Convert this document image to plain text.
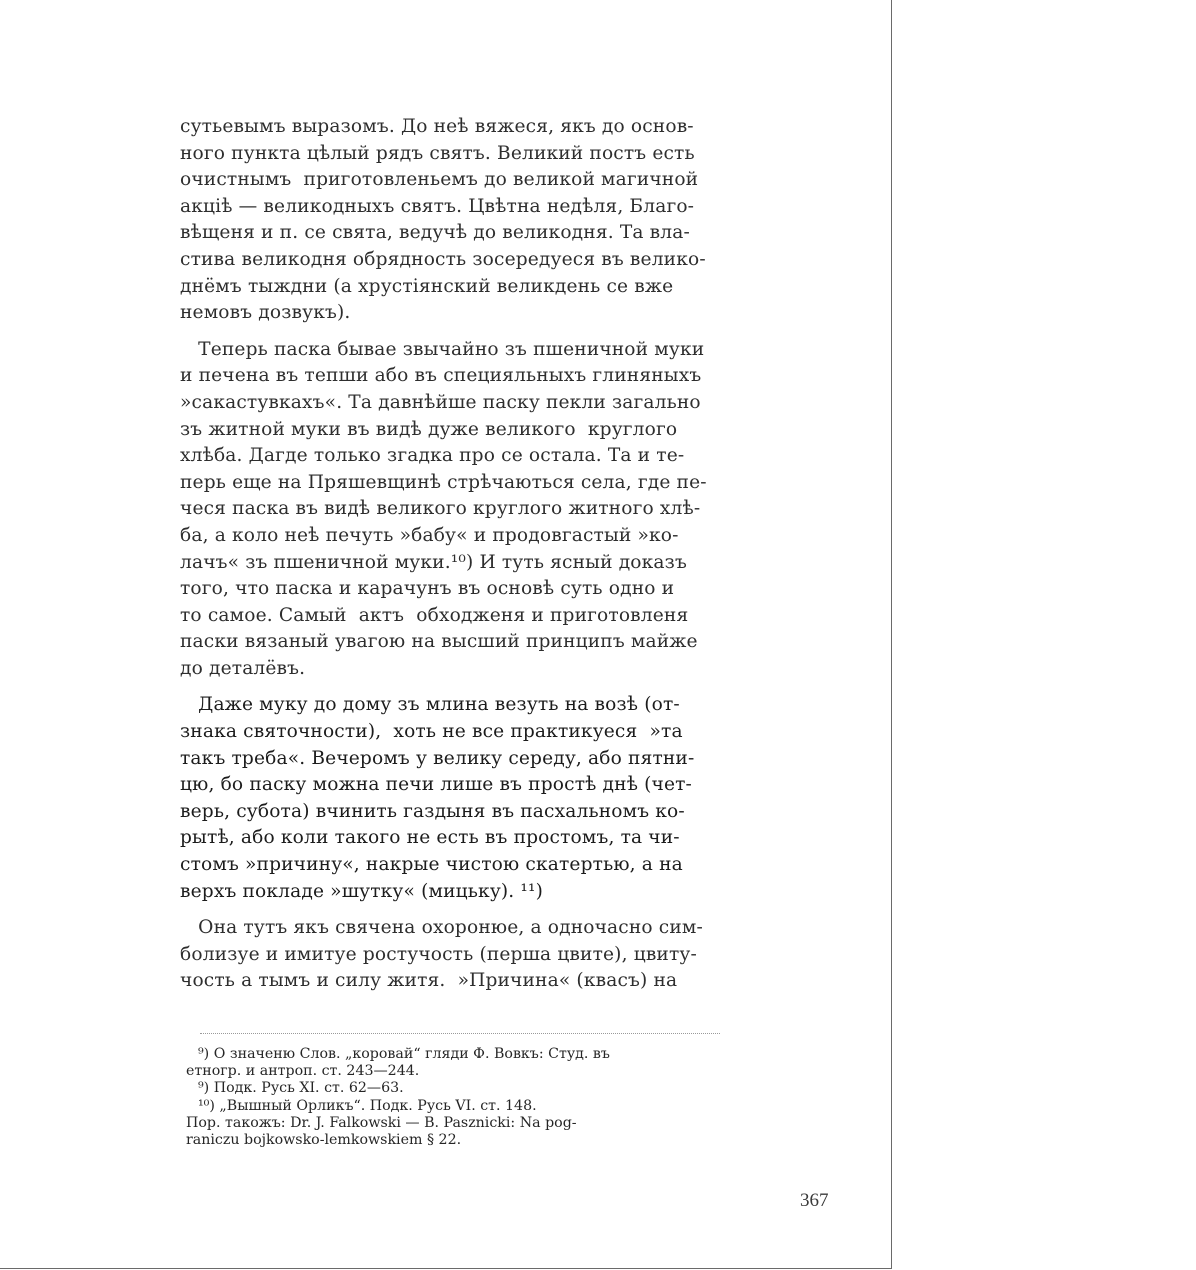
сутьевымъ выразомъ. До неѣ вяжеся, якъ до основ-
ного пункта цѣлый рядъ святъ. Великий постъ есть
очистнымъ  приготовленьемъ до великой магичной
акцiѣ — великодныхъ святъ. Цвѣтна недѣля, Благо-
вѣщеня и п. се свята, ведучѣ до великодня. Та вла-
стива великодня обрядность зосередуеся въ велико-
днёмъ тыждни (а хрустiянский великдень се вже
немовъ дозвукъ).
Теперь паска бывае звычайно зъ пшеничной муки
и печена въ тепши або въ специяльныхъ глиняныхъ
»сакастувкахъ«. Та давнѣйше паску пекли загально
зъ житной муки въ видѣ дуже великого  круглого
хлѣба. Дагде только згадка про се остала. Та и те-
перь еще на Пряшевщинѣ стрѣчаються села, где пе-
чеся паска въ видѣ великого круглого житного хлѣ-
ба, а коло неѣ печуть »бабу« и продовгастый »ко-
лачъ« зъ пшеничной муки.¹⁰) И туть ясный доказъ
того, что паска и карачунъ въ основѣ суть одно и
то самое. Самый  актъ  обходженя и приготовленя
паски вязаный увагою на высший принципъ майже
до деталёвъ.
Даже муку до дому зъ млина везуть на возѣ (от-
знака святочности),  хоть не все практикуеся  »та
такъ треба«. Вечеромъ у велику середу, або пятни-
цю, бо паску можна печи лише въ простѣ днѣ (чет-
верь, субота) вчинить газдыня въ пасхальномъ ко-
рытѣ, або коли такого не есть въ простомъ, та чи-
стомъ »причину«, накрые чистою скатертью, а на
верхъ покладе »шутку« (мицьку). ¹¹)
Она тутъ якъ свячена охоронюе, а одночасно сим-
болизуе и имитуе ростучость (перша цвите), цвиту-
чость а тымъ и силу житя.  »Причина« (квасъ) на
⁹) О значеню Слов. „коровай“ гляди Ф. Вовкъ: Студ. въ
етногр. и антроп. ст. 243—244.
⁹) Подк. Русь XI. ст. 62—63.
¹⁰) „Вышный Орликъ“. Подк. Русь VI. ст. 148.
Пор. такожъ: Dr. J. Falkowski — B. Pasznicki: Na pog-
raniczu bojkowsko-lemkowskiem § 22.
367
